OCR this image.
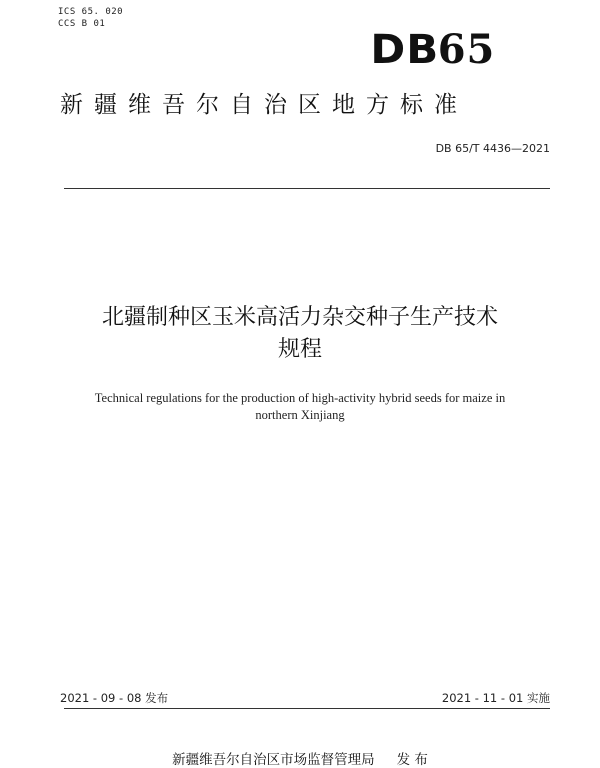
ICS 65. 020
CCS B 01
DB65
新疆维吾尔自治区地方标准
DB 65/T 4436—2021
北疆制种区玉米高活力杂交种子生产技术
规程
Technical regulations for the production of high-activity hybrid seeds for maize in
northern Xinjiang
2021 - 09 - 08 发布	2021 - 11 - 01 实施
新疆维吾尔自治区市场监督管理局 发 布
